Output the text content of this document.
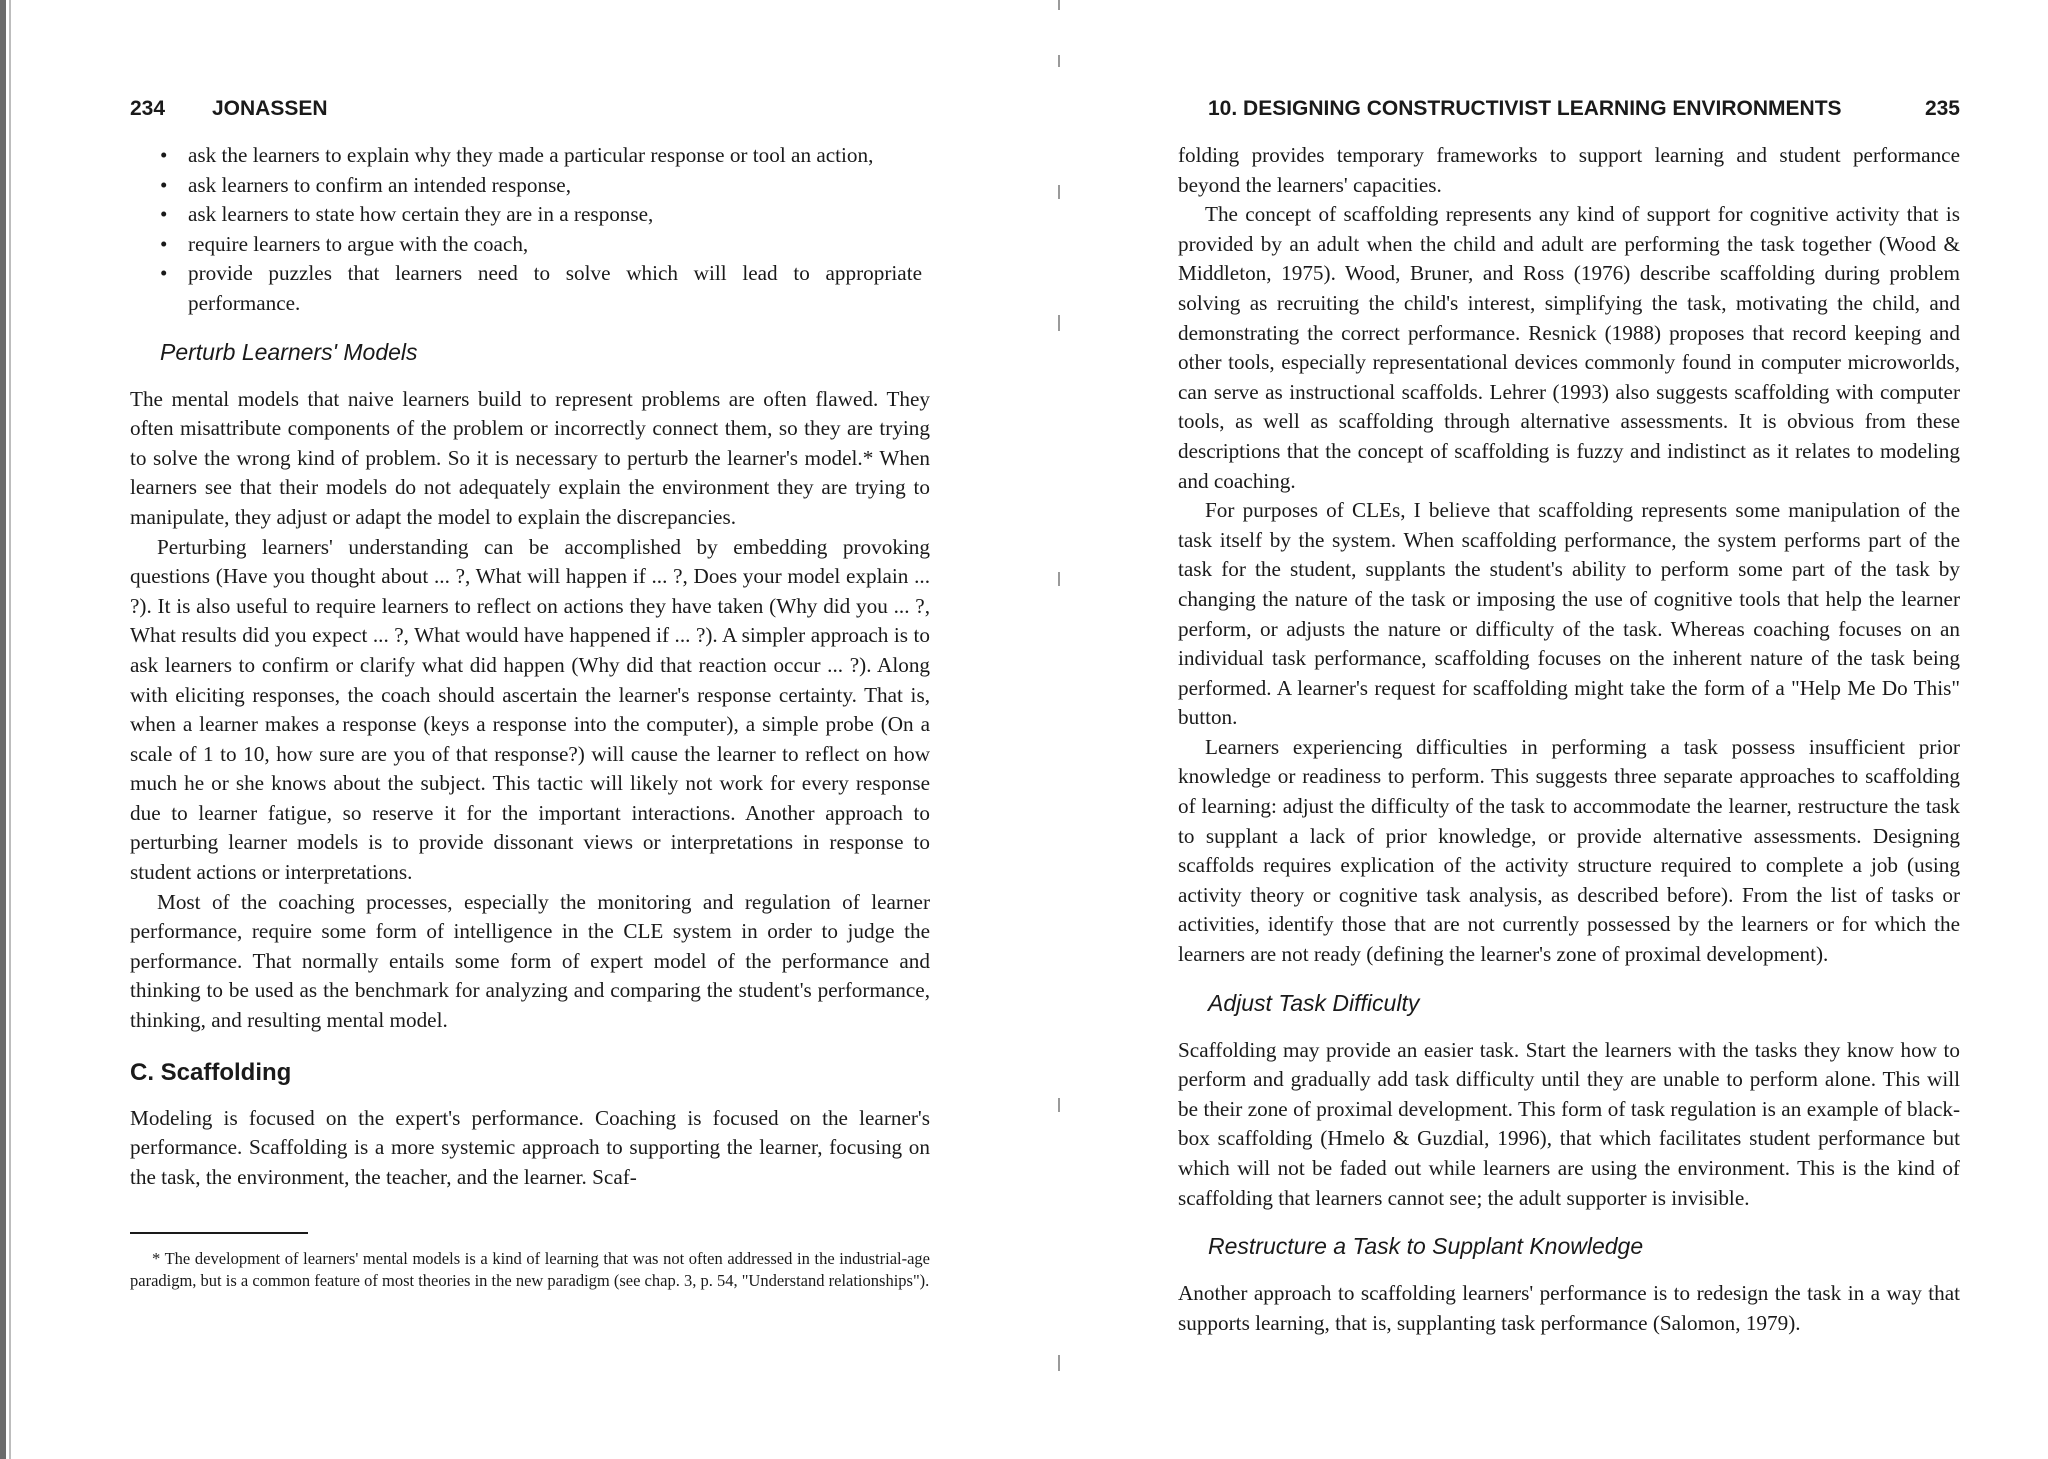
234 JONASSEN
• ask the learners to explain why they made a particular response or tool an action,
• ask learners to confirm an intended response,
• ask learners to state how certain they are in a response,
• require learners to argue with the coach,
• provide puzzles that learners need to solve which will lead to appropriate performance.
Perturb Learners' Models

The mental models that naive learners build to represent problems are often flawed. They often misattribute components of the problem or incorrectly connect them, so they are trying to solve the wrong kind of problem. So it is necessary to perturb the learner's model.* When learners see that their models do not adequately explain the environment they are trying to manipulate, they adjust or adapt the model to explain the discrepancies.

Perturbing learners' understanding can be accomplished by embedding provoking questions (Have you thought about ... ?, What will happen if ... ?, Does your model explain ... ?). It is also useful to require learners to reflect on actions they have taken (Why did you ... ?, What results did you expect ... ?, What would have happened if ... ?). A simpler approach is to ask learners to confirm or clarify what did happen (Why did that reaction occur ... ?). Along with eliciting responses, the coach should ascertain the learner's response certainty. That is, when a learner makes a response (keys a response into the computer), a simple probe (On a scale of 1 to 10, how sure are you of that response?) will cause the learner to reflect on how much he or she knows about the subject. This tactic will likely not work for every response due to learner fatigue, so reserve it for the important interactions. Another approach to perturbing learner models is to provide dissonant views or interpretations in response to student actions or interpretations.

Most of the coaching processes, especially the monitoring and regulation of learner performance, require some form of intelligence in the CLE system in order to judge the performance. That normally entails some form of expert model of the performance and thinking to be used as the benchmark for analyzing and comparing the student's performance, thinking, and resulting mental model.

C. Scaffolding

Modeling is focused on the expert's performance. Coaching is focused on the learner's performance. Scaffolding is a more systemic approach to supporting the learner, focusing on the task, the environment, the teacher, and the learner. Scaf-

* The development of learners' mental models is a kind of learning that was not often addressed in the industrial-age paradigm, but is a common feature of most theories in the new paradigm (see chap. 3, p. 54, "Understand relationships").
10. DESIGNING CONSTRUCTIVIST LEARNING ENVIRONMENTS	235

folding provides temporary frameworks to support learning and student performance beyond the learners' capacities.

The concept of scaffolding represents any kind of support for cognitive activity that is provided by an adult when the child and adult are performing the task together (Wood & Middleton, 1975). Wood, Bruner, and Ross (1976) describe scaffolding during problem solving as recruiting the child's interest, simplifying the task, motivating the child, and demonstrating the correct performance. Resnick (1988) proposes that record keeping and other tools, especially representational devices commonly found in computer microworlds, can serve as instructional scaffolds. Lehrer (1993) also suggests scaffolding with computer tools, as well as scaffolding through alternative assessments. It is obvious from these descriptions that the concept of scaffolding is fuzzy and indistinct as it relates to modeling and coaching.

For purposes of CLEs, I believe that scaffolding represents some manipulation of the task itself by the system. When scaffolding performance, the system performs part of the task for the student, supplants the student's ability to perform some part of the task by changing the nature of the task or imposing the use of cognitive tools that help the learner perform, or adjusts the nature or difficulty of the task. Whereas coaching focuses on an individual task performance, scaffolding focuses on the inherent nature of the task being performed. A learner's request for scaffolding might take the form of a "Help Me Do This" button.

Learners experiencing difficulties in performing a task possess insufficient prior knowledge or readiness to perform. This suggests three separate approaches to scaffolding of learning: adjust the difficulty of the task to accommodate the learner, restructure the task to supplant a lack of prior knowledge, or provide alternative assessments. Designing scaffolds requires explication of the activity structure required to complete a job (using activity theory or cognitive task analysis, as described before). From the list of tasks or activities, identify those that are not currently possessed by the learners or for which the learners are not ready (defining the learner's zone of proximal development).

Adjust Task Difficulty

Scaffolding may provide an easier task. Start the learners with the tasks they know how to perform and gradually add task difficulty until they are unable to perform alone. This will be their zone of proximal development. This form of task regulation is an example of black-box scaffolding (Hmelo & Guzdial, 1996), that which facilitates student performance but which will not be faded out while learners are using the environment. This is the kind of scaffolding that learners cannot see; the adult supporter is invisible.

Restructure a Task to Supplant Knowledge

Another approach to scaffolding learners' performance is to redesign the task in a way that supports learning, that is, supplanting task performance (Salomon, 1979).
